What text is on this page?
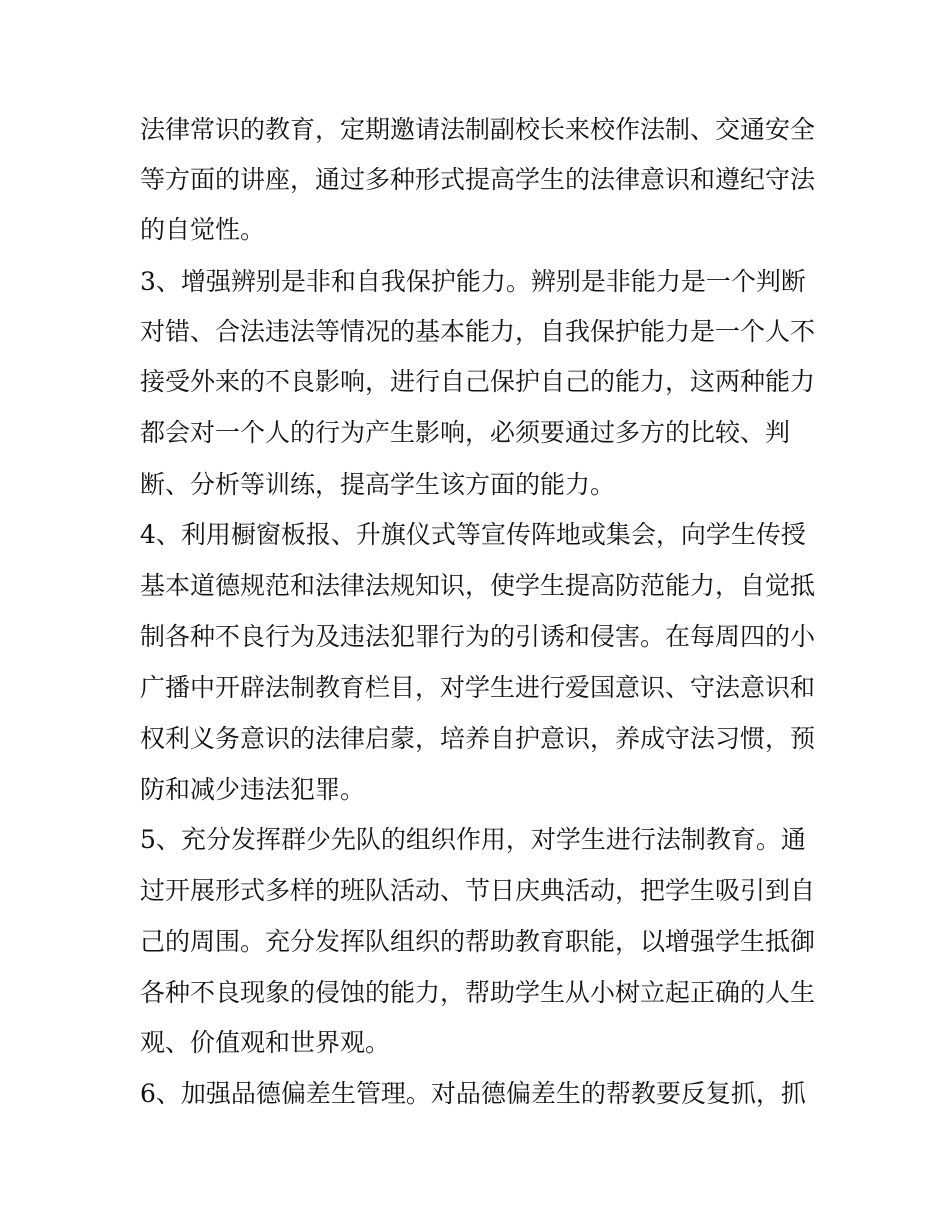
法律常识的教育，定期邀请法制副校长来校作法制、交通安全
等方面的讲座，通过多种形式提高学生的法律意识和遵纪守法
的自觉性。
3、增强辨别是非和自我保护能力。辨别是非能力是一个判断
对错、合法违法等情况的基本能力，自我保护能力是一个人不
接受外来的不良影响，进行自己保护自己的能力，这两种能力
都会对一个人的行为产生影响，必须要通过多方的比较、判
断、分析等训练，提高学生该方面的能力。
4、利用橱窗板报、升旗仪式等宣传阵地或集会，向学生传授
基本道德规范和法律法规知识，使学生提高防范能力，自觉抵
制各种不良行为及违法犯罪行为的引诱和侵害。在每周四的小
广播中开辟法制教育栏目，对学生进行爱国意识、守法意识和
权利义务意识的法律启蒙，培养自护意识，养成守法习惯，预
防和减少违法犯罪。
5、充分发挥群少先队的组织作用，对学生进行法制教育。通
过开展形式多样的班队活动、节日庆典活动，把学生吸引到自
己的周围。充分发挥队组织的帮助教育职能，以增强学生抵御
各种不良现象的侵蚀的能力，帮助学生从小树立起正确的人生
观、价值观和世界观。
6、加强品德偏差生管理。对品德偏差生的帮教要反复抓，抓
